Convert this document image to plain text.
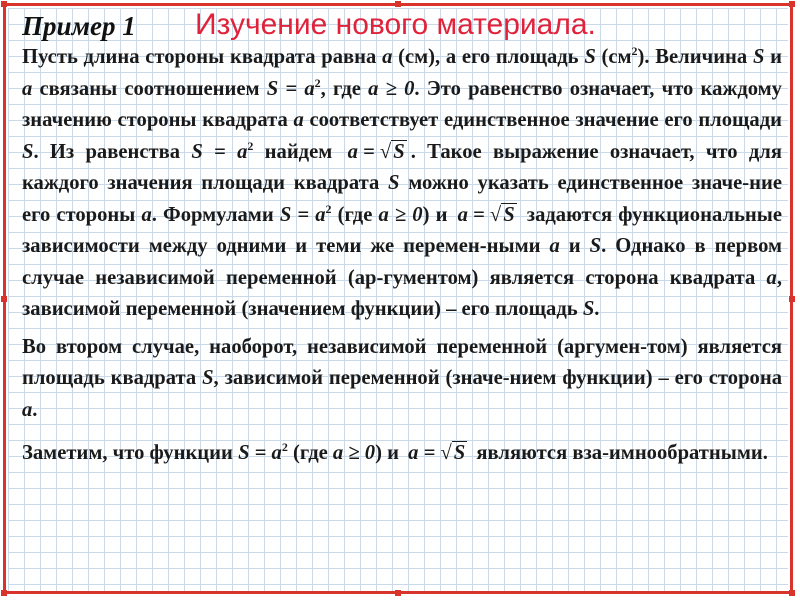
Пример 1 Изучение нового материала.

Пусть длина стороны квадрата равна a (см), а его площадь S $(см^2)$. Величина S и a связаны соотношением $S = a^2$, где a ≥ 0. Это равенство означает, что каждому значению стороны квадрата a соответствует единственное значение его площади S. Из равенства $S = a^2$ найдем a = √S . Такое выражение означает, что для каждого значения площади квадрата S можно указать единственное значе-ние его стороны a. Формулами $S = a^2$ (где a ≥ 0) и a = √S задаются функциональные зависимости между одними и теми же перемен-ными a и S. Однако в первом случае независимой переменной (ар-гументом) является сторона квадрата a, зависимой переменной (значением функции) – его площадь S.

Во втором случае, наоборот, независимой переменной (аргумен-том) является площадь квадрата S, зависимой переменной (значе-нием функции) – его сторона a.

Заметим, что функции $S = a^2$ (где a ≥ 0) и a = √S являются вза-имнообратными.
